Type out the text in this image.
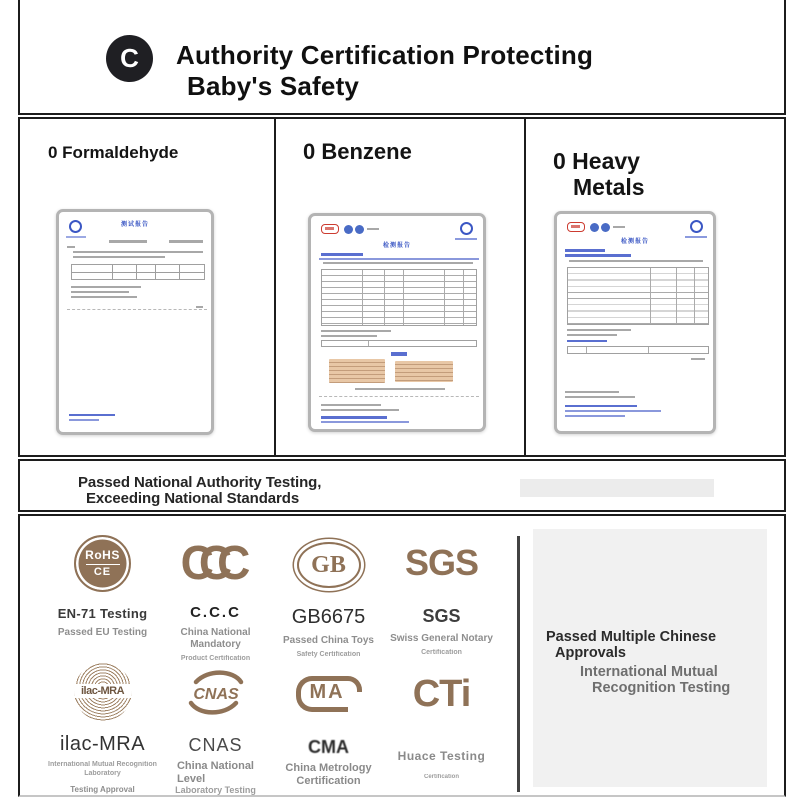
C	Authority Certification Protecting
Baby's Safety
0 Formaldehyde
测试报告
0 Benzene
检测报告
0 Heavy
Metals
检测报告
Passed National Authority Testing,
Exceeding National Standards
RoHS
CE
EN-71 Testing
Passed EU Testing
CCC
C.C.C
China National
Mandatory
Product Certification
GB
GB6675
Passed China Toys
Safety Certification
SGS
SGS
Swiss General Notary
Certification
ilac-MRA
ilac-MRA
International Mutual Recognition
Laboratory
Testing Approval
CNAS
CNAS
China National
Level
Laboratory Testing
MA
CMA
China Metrology
Certification
CTi
Huace Testing
Certification
Passed Multiple Chinese
Approvals
International Mutual
Recognition Testing
